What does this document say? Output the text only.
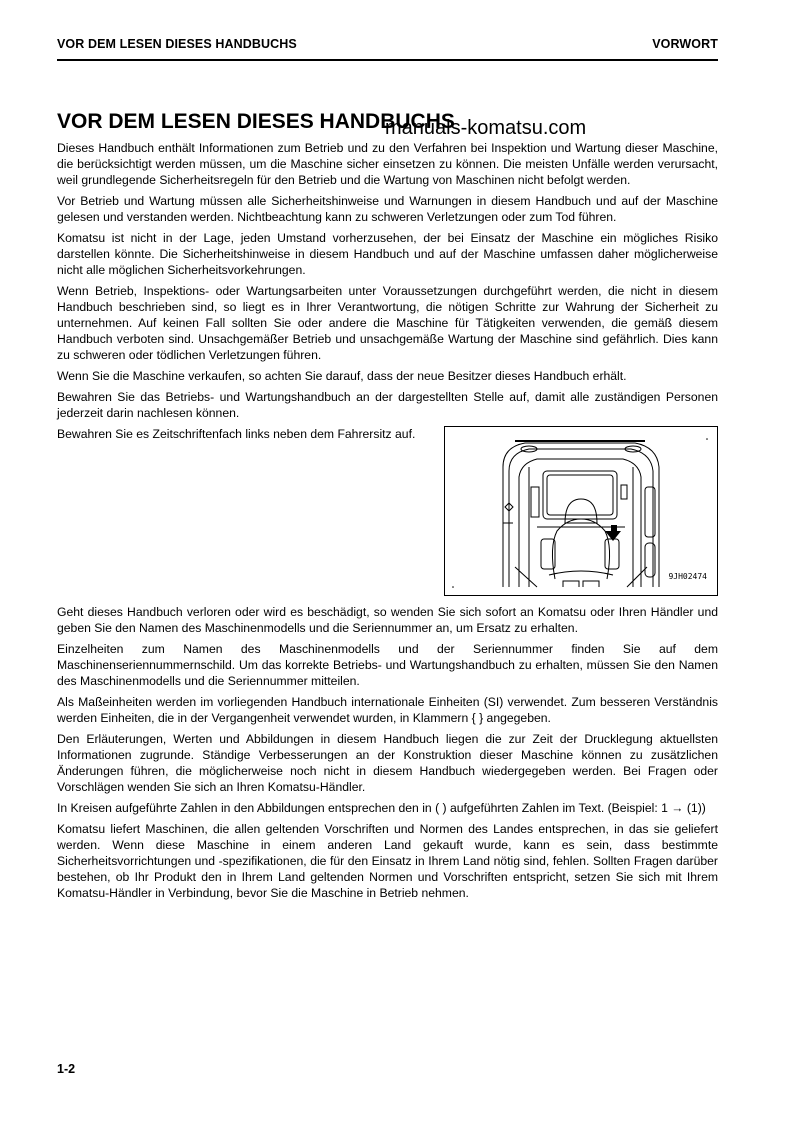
VOR DEM LESEN DIESES HANDBUCHS	VORWORT
VOR DEM LESEN DIESES HANDBUCHS
manuals-komatsu.com

Dieses Handbuch enthält Informationen zum Betrieb und zu den Verfahren bei Inspektion und Wartung dieser Maschine, die berücksichtigt werden müssen, um die Maschine sicher einsetzen zu können. Die meisten Unfälle werden verursacht, weil grundlegende Sicherheitsregeln für den Betrieb und die Wartung von Maschinen nicht befolgt werden.

Vor Betrieb und Wartung müssen alle Sicherheitshinweise und Warnungen in diesem Handbuch und auf der Maschine gelesen und verstanden werden. Nichtbeachtung kann zu schweren Verletzungen oder zum Tod führen.

Komatsu ist nicht in der Lage, jeden Umstand vorherzusehen, der bei Einsatz der Maschine ein mögliches Risiko darstellen könnte. Die Sicherheitshinweise in diesem Handbuch und auf der Maschine umfassen daher möglicherweise nicht alle möglichen Sicherheitsvorkehrungen.

Wenn Betrieb, Inspektions- oder Wartungsarbeiten unter Voraussetzungen durchgeführt werden, die nicht in diesem Handbuch beschrieben sind, so liegt es in Ihrer Verantwortung, die nötigen Schritte zur Wahrung der Sicherheit zu unternehmen. Auf keinen Fall sollten Sie oder andere die Maschine für Tätigkeiten verwenden, die gemäß diesem Handbuch verboten sind. Unsachgemäßer Betrieb und unsachgemäße Wartung der Maschine sind gefährlich. Dies kann zu schweren oder tödlichen Verletzungen führen.

Wenn Sie die Maschine verkaufen, so achten Sie darauf, dass der neue Besitzer dieses Handbuch erhält.

Bewahren Sie das Betriebs- und Wartungshandbuch an der dargestellten Stelle auf, damit alle zuständigen Personen jederzeit darin nachlesen können.

Bewahren Sie es Zeitschriftenfach links neben dem Fahrersitz auf.

9JH02474

Geht dieses Handbuch verloren oder wird es beschädigt, so wenden Sie sich sofort an Komatsu oder Ihren Händler und geben Sie den Namen des Maschinenmodells und die Seriennummer an, um Ersatz zu erhalten.

Einzelheiten zum Namen des Maschinenmodells und der Seriennummer finden Sie auf dem Maschinenseriennummernschild. Um das korrekte Betriebs- und Wartungshandbuch zu erhalten, müssen Sie den Namen des Maschinenmodells und die Seriennummer mitteilen.

Als Maßeinheiten werden im vorliegenden Handbuch internationale Einheiten (SI) verwendet. Zum besseren Verständnis werden Einheiten, die in der Vergangenheit verwendet wurden, in Klammern { } angegeben.

Den Erläuterungen, Werten und Abbildungen in diesem Handbuch liegen die zur Zeit der Drucklegung aktuellsten Informationen zugrunde. Ständige Verbesserungen an der Konstruktion dieser Maschine können zu zusätzlichen Änderungen führen, die möglicherweise noch nicht in diesem Handbuch wiedergegeben werden. Bei Fragen oder Vorschlägen wenden Sie sich an Ihren Komatsu-Händler.

In Kreisen aufgeführte Zahlen in den Abbildungen entsprechen den in ( ) aufgeführten Zahlen im Text. (Beispiel: 1 → (1))

Komatsu liefert Maschinen, die allen geltenden Vorschriften und Normen des Landes entsprechen, in das sie geliefert werden. Wenn diese Maschine in einem anderen Land gekauft wurde, kann es sein, dass bestimmte Sicherheitsvorrichtungen und -spezifikationen, die für den Einsatz in Ihrem Land nötig sind, fehlen. Sollten Fragen darüber bestehen, ob Ihr Produkt den in Ihrem Land geltenden Normen und Vorschriften entspricht, setzen Sie sich mit Ihrem Komatsu-Händler in Verbindung, bevor Sie die Maschine in Betrieb nehmen.

1-2
